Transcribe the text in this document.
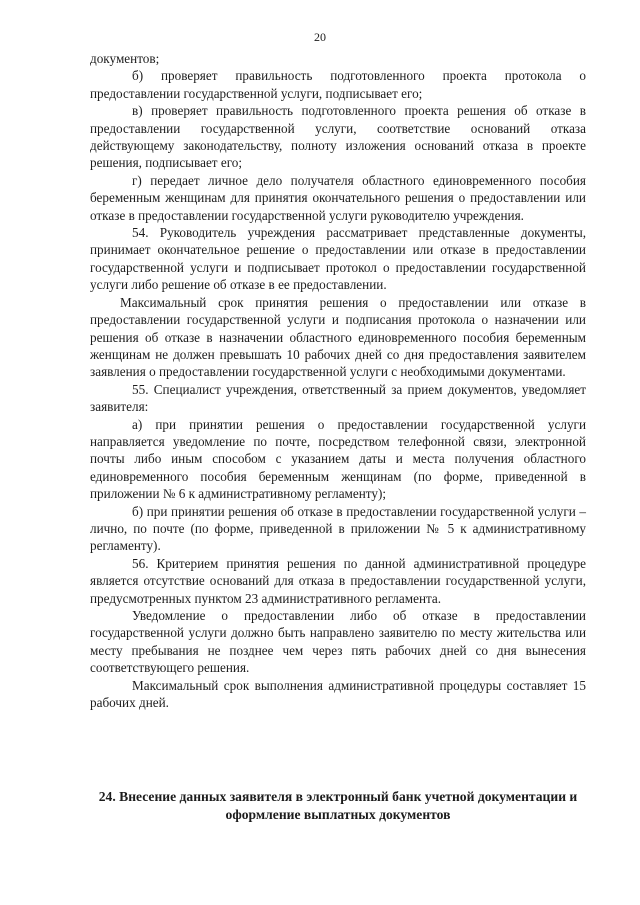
20

документов;

б) проверяет правильность подготовленного проекта протокола о предоставлении государственной услуги, подписывает его;

в) проверяет правильность подготовленного проекта решения об отказе в предоставлении государственной услуги, соответствие оснований отказа действующему законодательству, полноту изложения оснований отказа в проекте решения, подписывает его;

г) передает личное дело получателя областного единовременного пособия беременным женщинам для принятия окончательного решения о предоставлении или отказе в предоставлении государственной услуги руководителю учреждения.

54. Руководитель учреждения рассматривает представленные документы, принимает окончательное решение о предоставлении или отказе в предоставлении государственной услуги и подписывает протокол о предоставлении государственной услуги либо решение об отказе в ее предоставлении.

Максимальный срок принятия решения о предоставлении или отказе в предоставлении государственной услуги и подписания протокола о назначении или решения об отказе в назначении областного единовременного пособия беременным женщинам не должен превышать 10 рабочих дней со дня предоставления заявителем заявления о предоставлении государственной услуги с необходимыми документами.

55. Специалист учреждения, ответственный за прием документов, уведомляет заявителя:

а) при принятии решения о предоставлении государственной услуги направляется уведомление по почте, посредством телефонной связи, электронной почты либо иным способом с указанием даты и места получения областного единовременного пособия беременным женщинам (по форме, приведенной в приложении № 6 к административному регламенту);

б) при принятии решения об отказе в предоставлении государственной услуги – лично, по почте (по форме, приведенной в приложении № 5 к административному регламенту).

56. Критерием принятия решения по данной административной процедуре является отсутствие оснований для отказа в предоставлении государственной услуги, предусмотренных пунктом 23 административного регламента.

Уведомление о предоставлении либо об отказе в предоставлении государственной услуги должно быть направлено заявителю по месту жительства или месту пребывания не позднее чем через пять рабочих дней со дня вынесения соответствующего решения.

Максимальный срок выполнения административной процедуры составляет 15 рабочих дней.

24. Внесение данных заявителя в электронный банк учетной документации и оформление выплатных документов
